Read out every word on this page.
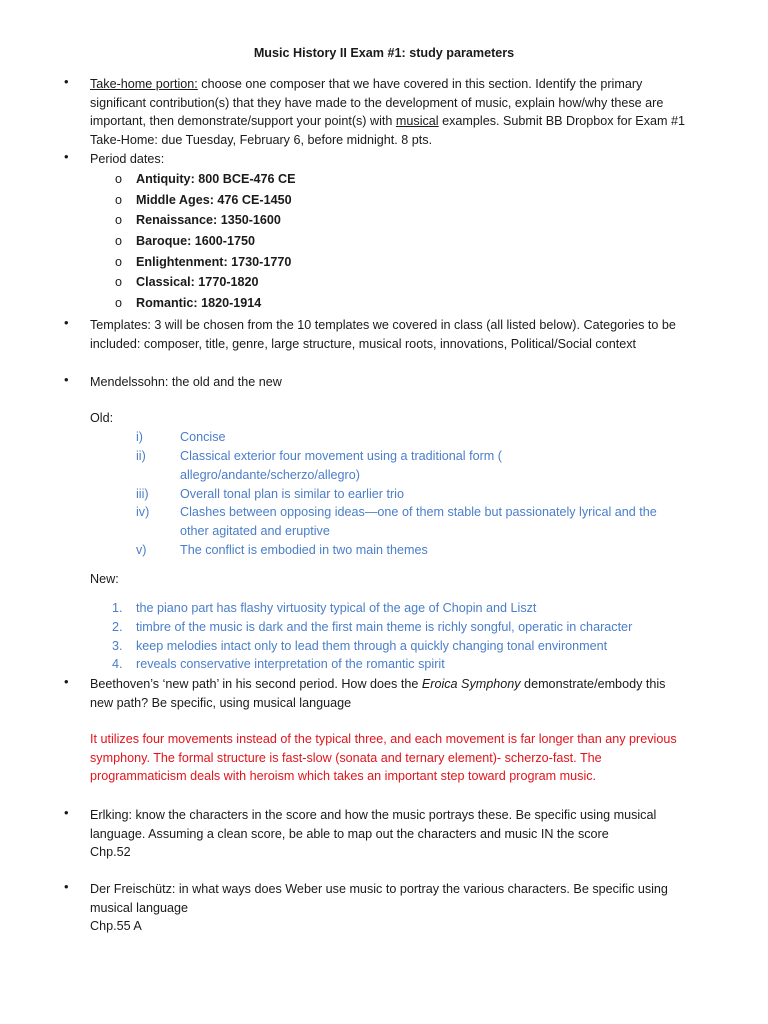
Music History II Exam #1: study parameters
•	Take-home portion: choose one composer that we have covered in this section. Identify the primary significant contribution(s) that they have made to the development of music, explain how/why these are important, then demonstrate/support your point(s) with musical examples. Submit BB Dropbox for Exam #1 Take-Home: due Tuesday, February 6, before midnight. 8 pts.
•	Period dates:
o Antiquity: 800 BCE-476 CE
o Middle Ages: 476 CE-1450
o Renaissance: 1350-1600
o Baroque: 1600-1750
o Enlightenment: 1730-1770
o Classical: 1770-1820
o Romantic: 1820-1914
•	Templates: 3 will be chosen from the 10 templates we covered in class (all listed below). Categories to be included: composer, title, genre, large structure, musical roots, innovations, Political/Social context
•	Mendelssohn: the old and the new
Old:
i)	Concise
ii)	Classical exterior four movement using a traditional form ( allegro/andante/scherzo/allegro)
iii) Overall tonal plan is similar to earlier trio
iv) Clashes between opposing ideas—one of them stable but passionately lyrical and the other agitated and eruptive
v)	The conflict is embodied in two main themes
New:
1. the piano part has flashy virtuosity typical of the age of Chopin and Liszt
2. timbre of the music is dark and the first main theme is richly songful, operatic in character
3. keep melodies intact only to lead them through a quickly changing tonal environment
4. reveals conservative interpretation of the romantic spirit
•	Beethoven’s ‘new path’ in his second period. How does the Eroica Symphony demonstrate/embody this new path? Be specific, using musical language
It utilizes four movements instead of the typical three, and each movement is far longer than any previous symphony. The formal structure is fast-slow (sonata and ternary element)- scherzo-fast. The programmaticism deals with heroism which takes an important step toward program music.
•	Erlking: know the characters in the score and how the music portrays these. Be specific using musical language. Assuming a clean score, be able to map out the characters and music IN the score
Chp.52
•	Der Freischütz: in what ways does Weber use music to portray the various characters. Be specific using musical language
Chp.55 A
